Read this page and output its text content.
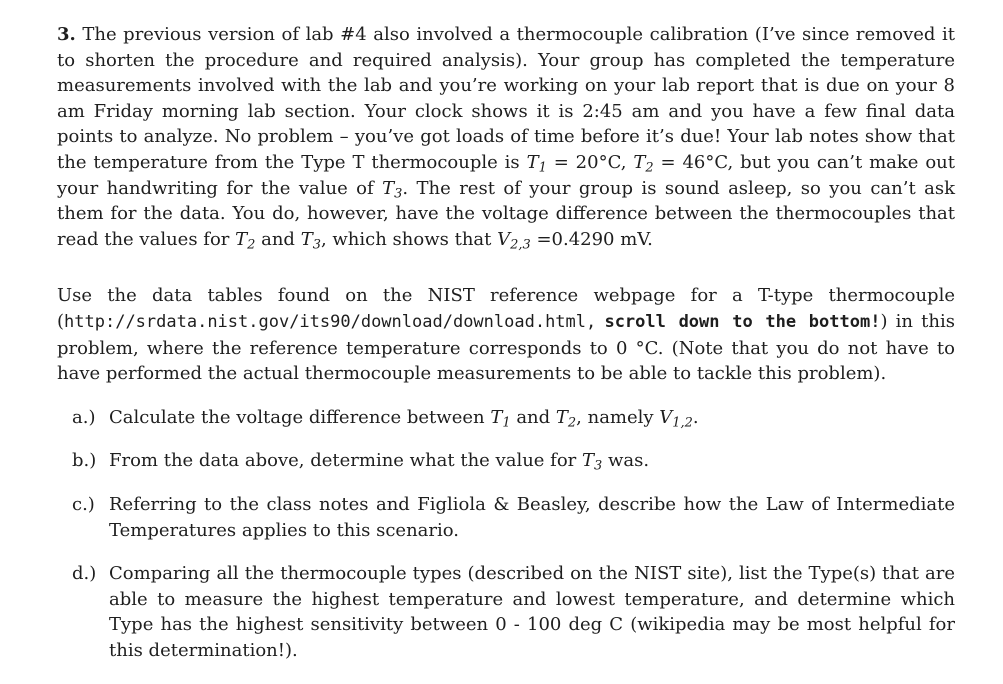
3. The previous version of lab #4 also involved a thermocouple calibration (I’ve since removed it to shorten the procedure and required analysis). Your group has completed the temperature measurements involved with the lab and you’re working on your lab report that is due on your 8 am Friday morning lab section. Your clock shows it is 2:45 am and you have a few final data points to analyze. No problem – you’ve got loads of time before it’s due! Your lab notes show that the temperature from the Type T thermocouple is $T_1 = 20^\circ C$, $T_2 = 46^\circ C$, but you can’t make out your handwriting for the value of $T_3$. The rest of your group is sound asleep, so you can’t ask them for the data. You do, however, have the voltage difference between the thermocouples that read the values for $T_2$ and $T_3$, which shows that $V_{2,3} =0.4290$ mV.

Use the data tables found on the NIST reference webpage for a T-type thermocouple (http://srdata.nist.gov/its90/download/download.html, scroll down to the bottom!) in this problem, where the reference temperature corresponds to 0 °C. (Note that you do not have to have performed the actual thermocouple measurements to be able to tackle this problem).

a.) Calculate the voltage difference between $T_1$ and $T_2$, namely $V_{1,2}$.
b.) From the data above, determine what the value for $T_3$ was.
c.) Referring to the class notes and Figliola & Beasley, describe how the Law of Intermediate Temperatures applies to this scenario.
d.) Comparing all the thermocouple types (described on the NIST site), list the Type(s) that are able to measure the highest temperature and lowest temperature, and determine which Type has the highest sensitivity between 0 - 100 deg C (wikipedia may be most helpful for this determination!).
